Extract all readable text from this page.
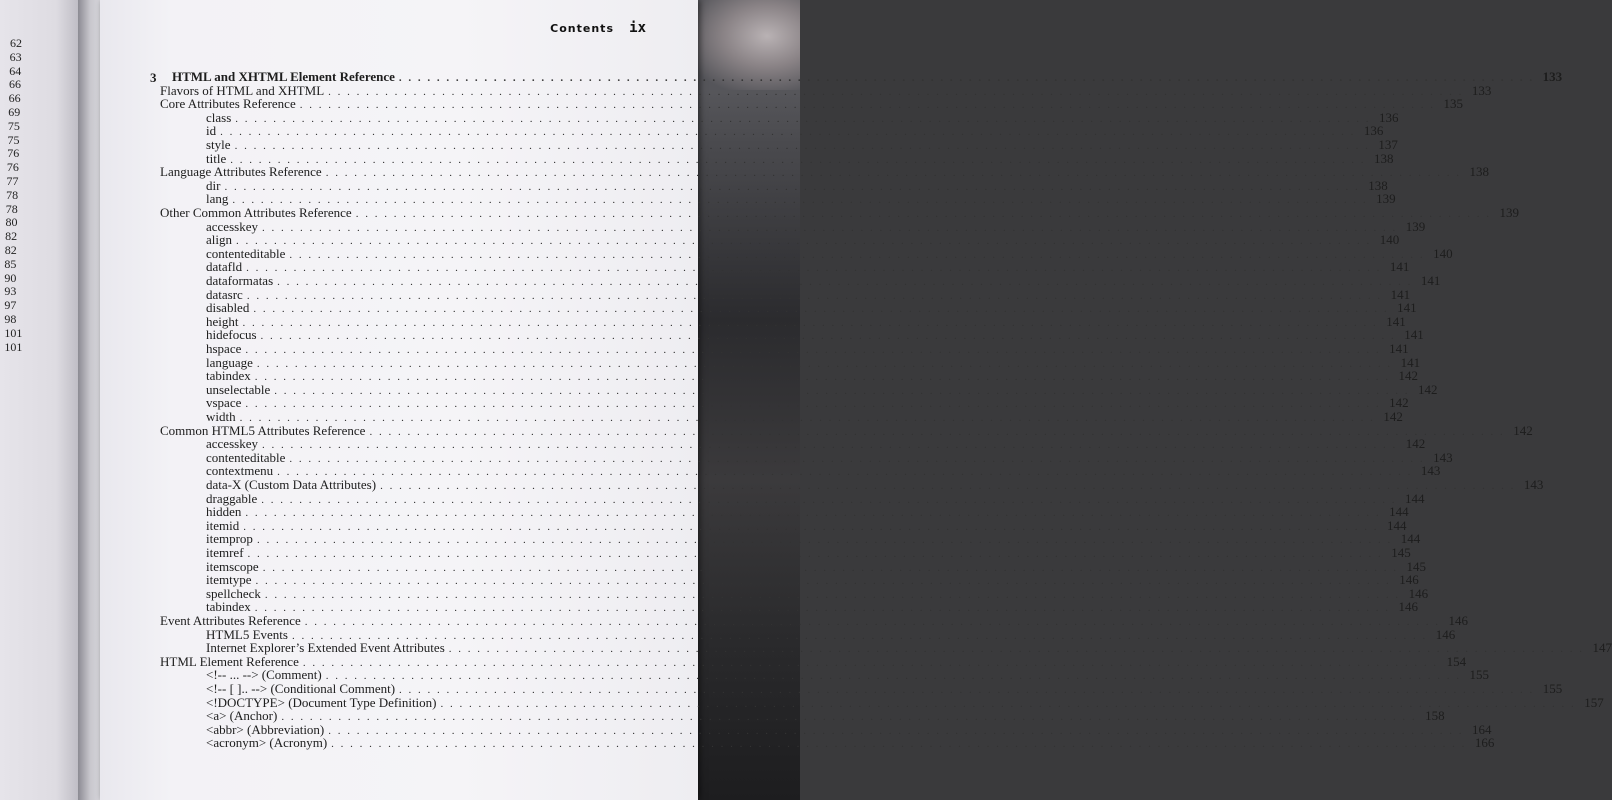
62
63
64
66
66
69
75
75
76
76
77
78
78
80
82
82
85
90
93
97
98
101
101
Contents ix
3 HTML and XHTML Element Reference . . . . . . . . . . . . . . . . . . . . . . . . . . . . . . . . . . . . . . . . . . . . . . . . . . . . . . . . . . . . . . . . . . . . . . . . . . . . . . . . . . . . . . . . . . . . . . . . . . . . . . . . . . . . . . . . . . . . . . . . 133
Flavors of HTML and XHTML . . . . . . . . . . . . . . . . . . . . . . . . . . . . . . . . . . . . . . . . . . . . . . . . . . . . . . . . . . . . . . . . . . . . . . . . . . . . . . . . . . . . . . . . . . . . . . . . . . . . . . . . . . . . . . . . . . . . . . . . 133
Core Attributes Reference . . . . . . . . . . . . . . . . . . . . . . . . . . . . . . . . . . . . . . . . . . . . . . . . . . . . . . . . . . . . . . . . . . . . . . . . . . . . . . . . . . . . . . . . . . . . . . . . . . . . . . . . . . . . . . . . . . . . . . . . 135
class . . . . . . . . . . . . . . . . . . . . . . . . . . . . . . . . . . . . . . . . . . . . . . . . . . . . . . . . . . . . . . . . . . . . . . . . . . . . . . . . . . . . . . . . . . . . . . . . . . . . . . . . . . . . . . . . . . . . . . . . 136
id . . . . . . . . . . . . . . . . . . . . . . . . . . . . . . . . . . . . . . . . . . . . . . . . . . . . . . . . . . . . . . . . . . . . . . . . . . . . . . . . . . . . . . . . . . . . . . . . . . . . . . . . . . . . . . . . . . . . . . . . 136
style . . . . . . . . . . . . . . . . . . . . . . . . . . . . . . . . . . . . . . . . . . . . . . . . . . . . . . . . . . . . . . . . . . . . . . . . . . . . . . . . . . . . . . . . . . . . . . . . . . . . . . . . . . . . . . . . . . . . . . . . 137
title . . . . . . . . . . . . . . . . . . . . . . . . . . . . . . . . . . . . . . . . . . . . . . . . . . . . . . . . . . . . . . . . . . . . . . . . . . . . . . . . . . . . . . . . . . . . . . . . . . . . . . . . . . . . . . . . . . . . . . . . 138
Language Attributes Reference . . . . . . . . . . . . . . . . . . . . . . . . . . . . . . . . . . . . . . . . . . . . . . . . . . . . . . . . . . . . . . . . . . . . . . . . . . . . . . . . . . . . . . . . . . . . . . . . . . . . . . . . . . . . . . . . . . . . . . . . 138
dir . . . . . . . . . . . . . . . . . . . . . . . . . . . . . . . . . . . . . . . . . . . . . . . . . . . . . . . . . . . . . . . . . . . . . . . . . . . . . . . . . . . . . . . . . . . . . . . . . . . . . . . . . . . . . . . . . . . . . . . . 138
lang . . . . . . . . . . . . . . . . . . . . . . . . . . . . . . . . . . . . . . . . . . . . . . . . . . . . . . . . . . . . . . . . . . . . . . . . . . . . . . . . . . . . . . . . . . . . . . . . . . . . . . . . . . . . . . . . . . . . . . . . 139
Other Common Attributes Reference . . . . . . . . . . . . . . . . . . . . . . . . . . . . . . . . . . . . . . . . . . . . . . . . . . . . . . . . . . . . . . . . . . . . . . . . . . . . . . . . . . . . . . . . . . . . . . . . . . . . . . . . . . . . . . . . . . . . . . . . 139
accesskey . . . . . . . . . . . . . . . . . . . . . . . . . . . . . . . . . . . . . . . . . . . . . . . . . . . . . . . . . . . . . . . . . . . . . . . . . . . . . . . . . . . . . . . . . . . . . . . . . . . . . . . . . . . . . . . . . . . . . . . . 139
align . . . . . . . . . . . . . . . . . . . . . . . . . . . . . . . . . . . . . . . . . . . . . . . . . . . . . . . . . . . . . . . . . . . . . . . . . . . . . . . . . . . . . . . . . . . . . . . . . . . . . . . . . . . . . . . . . . . . . . . . 140
contenteditable . . . . . . . . . . . . . . . . . . . . . . . . . . . . . . . . . . . . . . . . . . . . . . . . . . . . . . . . . . . . . . . . . . . . . . . . . . . . . . . . . . . . . . . . . . . . . . . . . . . . . . . . . . . . . . . . . . . . . . . . 140
datafld . . . . . . . . . . . . . . . . . . . . . . . . . . . . . . . . . . . . . . . . . . . . . . . . . . . . . . . . . . . . . . . . . . . . . . . . . . . . . . . . . . . . . . . . . . . . . . . . . . . . . . . . . . . . . . . . . . . . . . . . 141
dataformatas . . . . . . . . . . . . . . . . . . . . . . . . . . . . . . . . . . . . . . . . . . . . . . . . . . . . . . . . . . . . . . . . . . . . . . . . . . . . . . . . . . . . . . . . . . . . . . . . . . . . . . . . . . . . . . . . . . . . . . . . 141
datasrc . . . . . . . . . . . . . . . . . . . . . . . . . . . . . . . . . . . . . . . . . . . . . . . . . . . . . . . . . . . . . . . . . . . . . . . . . . . . . . . . . . . . . . . . . . . . . . . . . . . . . . . . . . . . . . . . . . . . . . . . 141
disabled . . . . . . . . . . . . . . . . . . . . . . . . . . . . . . . . . . . . . . . . . . . . . . . . . . . . . . . . . . . . . . . . . . . . . . . . . . . . . . . . . . . . . . . . . . . . . . . . . . . . . . . . . . . . . . . . . . . . . . . . 141
height . . . . . . . . . . . . . . . . . . . . . . . . . . . . . . . . . . . . . . . . . . . . . . . . . . . . . . . . . . . . . . . . . . . . . . . . . . . . . . . . . . . . . . . . . . . . . . . . . . . . . . . . . . . . . . . . . . . . . . . . 141
hidefocus . . . . . . . . . . . . . . . . . . . . . . . . . . . . . . . . . . . . . . . . . . . . . . . . . . . . . . . . . . . . . . . . . . . . . . . . . . . . . . . . . . . . . . . . . . . . . . . . . . . . . . . . . . . . . . . . . . . . . . . . 141
hspace . . . . . . . . . . . . . . . . . . . . . . . . . . . . . . . . . . . . . . . . . . . . . . . . . . . . . . . . . . . . . . . . . . . . . . . . . . . . . . . . . . . . . . . . . . . . . . . . . . . . . . . . . . . . . . . . . . . . . . . . 141
language . . . . . . . . . . . . . . . . . . . . . . . . . . . . . . . . . . . . . . . . . . . . . . . . . . . . . . . . . . . . . . . . . . . . . . . . . . . . . . . . . . . . . . . . . . . . . . . . . . . . . . . . . . . . . . . . . . . . . . . . 141
tabindex . . . . . . . . . . . . . . . . . . . . . . . . . . . . . . . . . . . . . . . . . . . . . . . . . . . . . . . . . . . . . . . . . . . . . . . . . . . . . . . . . . . . . . . . . . . . . . . . . . . . . . . . . . . . . . . . . . . . . . . . 142
unselectable . . . . . . . . . . . . . . . . . . . . . . . . . . . . . . . . . . . . . . . . . . . . . . . . . . . . . . . . . . . . . . . . . . . . . . . . . . . . . . . . . . . . . . . . . . . . . . . . . . . . . . . . . . . . . . . . . . . . . . . . 142
vspace . . . . . . . . . . . . . . . . . . . . . . . . . . . . . . . . . . . . . . . . . . . . . . . . . . . . . . . . . . . . . . . . . . . . . . . . . . . . . . . . . . . . . . . . . . . . . . . . . . . . . . . . . . . . . . . . . . . . . . . . 142
width . . . . . . . . . . . . . . . . . . . . . . . . . . . . . . . . . . . . . . . . . . . . . . . . . . . . . . . . . . . . . . . . . . . . . . . . . . . . . . . . . . . . . . . . . . . . . . . . . . . . . . . . . . . . . . . . . . . . . . . . 142
Common HTML5 Attributes Reference . . . . . . . . . . . . . . . . . . . . . . . . . . . . . . . . . . . . . . . . . . . . . . . . . . . . . . . . . . . . . . . . . . . . . . . . . . . . . . . . . . . . . . . . . . . . . . . . . . . . . . . . . . . . . . . . . . . . . . . . 142
accesskey . . . . . . . . . . . . . . . . . . . . . . . . . . . . . . . . . . . . . . . . . . . . . . . . . . . . . . . . . . . . . . . . . . . . . . . . . . . . . . . . . . . . . . . . . . . . . . . . . . . . . . . . . . . . . . . . . . . . . . . . 142
contenteditable . . . . . . . . . . . . . . . . . . . . . . . . . . . . . . . . . . . . . . . . . . . . . . . . . . . . . . . . . . . . . . . . . . . . . . . . . . . . . . . . . . . . . . . . . . . . . . . . . . . . . . . . . . . . . . . . . . . . . . . . 143
contextmenu . . . . . . . . . . . . . . . . . . . . . . . . . . . . . . . . . . . . . . . . . . . . . . . . . . . . . . . . . . . . . . . . . . . . . . . . . . . . . . . . . . . . . . . . . . . . . . . . . . . . . . . . . . . . . . . . . . . . . . . . 143
data-X (Custom Data Attributes) . . . . . . . . . . . . . . . . . . . . . . . . . . . . . . . . . . . . . . . . . . . . . . . . . . . . . . . . . . . . . . . . . . . . . . . . . . . . . . . . . . . . . . . . . . . . . . . . . . . . . . . . . . . . . . . . . . . . . . . . 143
draggable . . . . . . . . . . . . . . . . . . . . . . . . . . . . . . . . . . . . . . . . . . . . . . . . . . . . . . . . . . . . . . . . . . . . . . . . . . . . . . . . . . . . . . . . . . . . . . . . . . . . . . . . . . . . . . . . . . . . . . . . 144
hidden . . . . . . . . . . . . . . . . . . . . . . . . . . . . . . . . . . . . . . . . . . . . . . . . . . . . . . . . . . . . . . . . . . . . . . . . . . . . . . . . . . . . . . . . . . . . . . . . . . . . . . . . . . . . . . . . . . . . . . . . 144
itemid . . . . . . . . . . . . . . . . . . . . . . . . . . . . . . . . . . . . . . . . . . . . . . . . . . . . . . . . . . . . . . . . . . . . . . . . . . . . . . . . . . . . . . . . . . . . . . . . . . . . . . . . . . . . . . . . . . . . . . . . 144
itemprop . . . . . . . . . . . . . . . . . . . . . . . . . . . . . . . . . . . . . . . . . . . . . . . . . . . . . . . . . . . . . . . . . . . . . . . . . . . . . . . . . . . . . . . . . . . . . . . . . . . . . . . . . . . . . . . . . . . . . . . . 144
itemref . . . . . . . . . . . . . . . . . . . . . . . . . . . . . . . . . . . . . . . . . . . . . . . . . . . . . . . . . . . . . . . . . . . . . . . . . . . . . . . . . . . . . . . . . . . . . . . . . . . . . . . . . . . . . . . . . . . . . . . . 145
itemscope . . . . . . . . . . . . . . . . . . . . . . . . . . . . . . . . . . . . . . . . . . . . . . . . . . . . . . . . . . . . . . . . . . . . . . . . . . . . . . . . . . . . . . . . . . . . . . . . . . . . . . . . . . . . . . . . . . . . . . . . 145
itemtype . . . . . . . . . . . . . . . . . . . . . . . . . . . . . . . . . . . . . . . . . . . . . . . . . . . . . . . . . . . . . . . . . . . . . . . . . . . . . . . . . . . . . . . . . . . . . . . . . . . . . . . . . . . . . . . . . . . . . . . . 146
spellcheck . . . . . . . . . . . . . . . . . . . . . . . . . . . . . . . . . . . . . . . . . . . . . . . . . . . . . . . . . . . . . . . . . . . . . . . . . . . . . . . . . . . . . . . . . . . . . . . . . . . . . . . . . . . . . . . . . . . . . . . . 146
tabindex . . . . . . . . . . . . . . . . . . . . . . . . . . . . . . . . . . . . . . . . . . . . . . . . . . . . . . . . . . . . . . . . . . . . . . . . . . . . . . . . . . . . . . . . . . . . . . . . . . . . . . . . . . . . . . . . . . . . . . . . 146
Event Attributes Reference . . . . . . . . . . . . . . . . . . . . . . . . . . . . . . . . . . . . . . . . . . . . . . . . . . . . . . . . . . . . . . . . . . . . . . . . . . . . . . . . . . . . . . . . . . . . . . . . . . . . . . . . . . . . . . . . . . . . . . . . 146
HTML5 Events . . . . . . . . . . . . . . . . . . . . . . . . . . . . . . . . . . . . . . . . . . . . . . . . . . . . . . . . . . . . . . . . . . . . . . . . . . . . . . . . . . . . . . . . . . . . . . . . . . . . . . . . . . . . . . . . . . . . . . . . 146
Internet Explorer’s Extended Event Attributes . . . . . . . . . . . . . . . . . . . . . . . . . . . . . . . . . . . . . . . . . . . . . . . . . . . . . . . . . . . . . . . . . . . . . . . . . . . . . . . . . . . . . . . . . . . . . . . . . . . . . . . . . . . . . . . . . . . . . . . . 147
HTML Element Reference . . . . . . . . . . . . . . . . . . . . . . . . . . . . . . . . . . . . . . . . . . . . . . . . . . . . . . . . . . . . . . . . . . . . . . . . . . . . . . . . . . . . . . . . . . . . . . . . . . . . . . . . . . . . . . . . . . . . . . . . 154
<!-- ... --> (Comment) . . . . . . . . . . . . . . . . . . . . . . . . . . . . . . . . . . . . . . . . . . . . . . . . . . . . . . . . . . . . . . . . . . . . . . . . . . . . . . . . . . . . . . . . . . . . . . . . . . . . . . . . . . . . . . . . . . . . . . . . 155
<!-- [ ].. --> (Conditional Comment) . . . . . . . . . . . . . . . . . . . . . . . . . . . . . . . . . . . . . . . . . . . . . . . . . . . . . . . . . . . . . . . . . . . . . . . . . . . . . . . . . . . . . . . . . . . . . . . . . . . . . . . . . . . . . . . . . . . . . . . . 155
<!DOCTYPE> (Document Type Definition) . . . . . . . . . . . . . . . . . . . . . . . . . . . . . . . . . . . . . . . . . . . . . . . . . . . . . . . . . . . . . . . . . . . . . . . . . . . . . . . . . . . . . . . . . . . . . . . . . . . . . . . . . . . . . . . . . . . . . . . . 157
<a> (Anchor) . . . . . . . . . . . . . . . . . . . . . . . . . . . . . . . . . . . . . . . . . . . . . . . . . . . . . . . . . . . . . . . . . . . . . . . . . . . . . . . . . . . . . . . . . . . . . . . . . . . . . . . . . . . . . . . . . . . . . . . . 158
<abbr> (Abbreviation) . . . . . . . . . . . . . . . . . . . . . . . . . . . . . . . . . . . . . . . . . . . . . . . . . . . . . . . . . . . . . . . . . . . . . . . . . . . . . . . . . . . . . . . . . . . . . . . . . . . . . . . . . . . . . . . . . . . . . . . . 164
<acronym> (Acronym) . . . . . . . . . . . . . . . . . . . . . . . . . . . . . . . . . . . . . . . . . . . . . . . . . . . . . . . . . . . . . . . . . . . . . . . . . . . . . . . . . . . . . . . . . . . . . . . . . . . . . . . . . . . . . . . . . . . . . . . . 166
